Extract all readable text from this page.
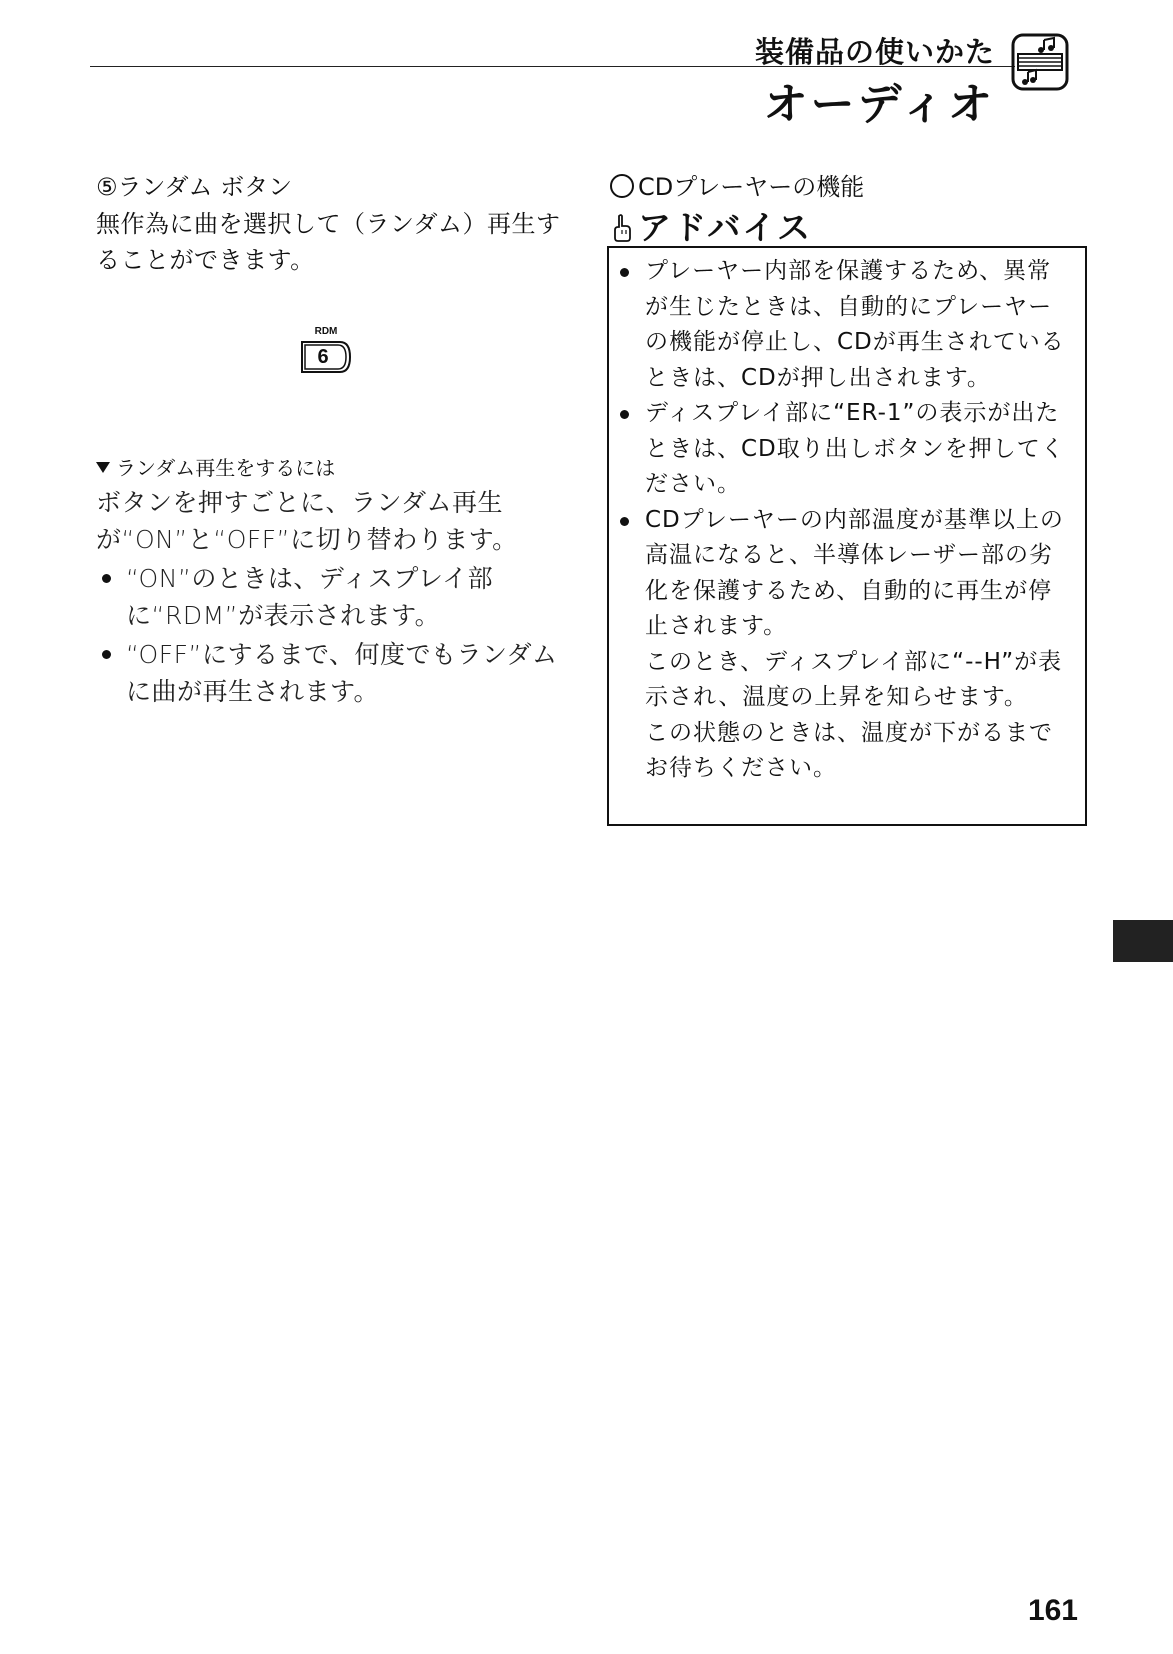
装備品の使いかた
オーディオ
⑤ランダム ボタン
無作為に曲を選択して（ランダム）再生することができます。
RDM
6
ランダム再生をするには
ボタンを押すごとに、ランダム再生が“ON”と“OFF”に切り替わります。
“ON”のときは、ディスプレイ部に“RDM”が表示されます。
“OFF”にするまで、何度でもランダムに曲が再生されます。
CDプレーヤーの機能
アドバイス
プレーヤー内部を保護するため、異常が生じたときは、自動的にプレーヤーの機能が停止し、CDが再生されているときは、CDが押し出されます。
ディスプレイ部に“ER-1”の表示が出たときは、CD取り出しボタンを押してください。
CDプレーヤーの内部温度が基準以上の高温になると、半導体レーザー部の劣化を保護するため、自動的に再生が停止されます。
このとき、ディスプレイ部に“--H”が表示され、温度の上昇を知らせます。
この状態のときは、温度が下がるまでお待ちください。
161
